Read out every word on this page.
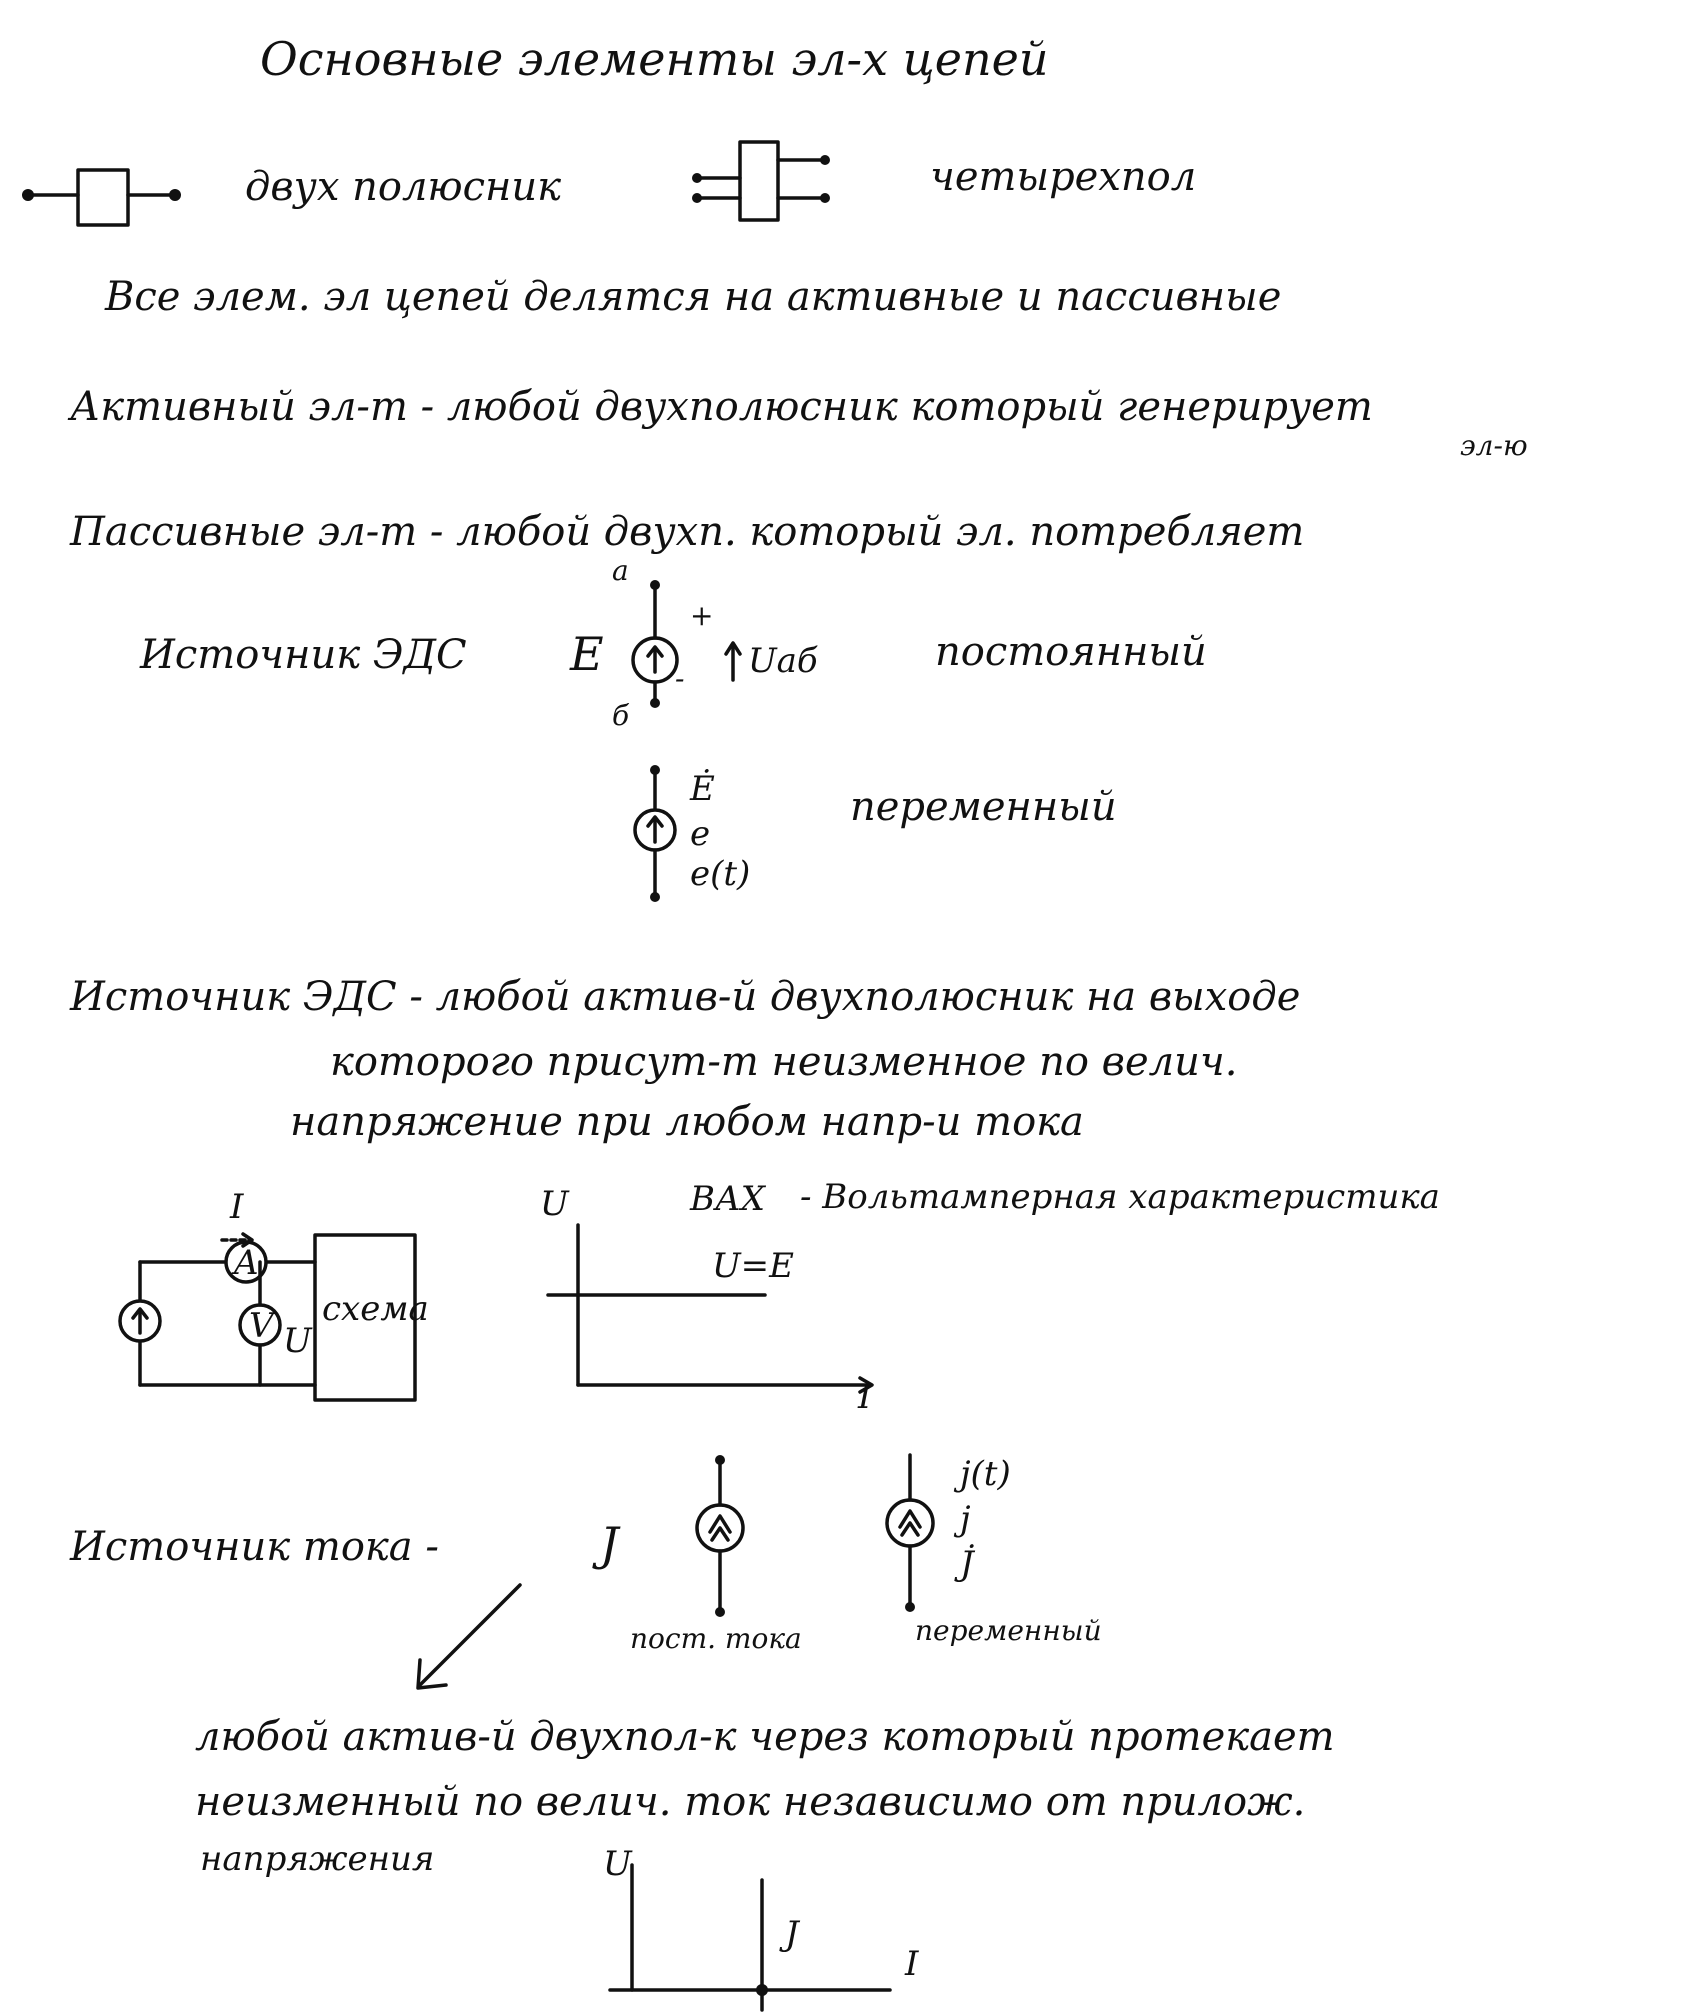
Основные элементы эл-х цепей
двух полюсник	четырехпол
Все элем. эл цепей делятся на активные и пассивные
Активный эл-т - любой двухполюсник который генерирует
эл-ю
Пассивные эл-т - любой двухп. который эл. потребляет
Источник ЭДС E
а
б
+
- Uаб	постоянный
Ė
e
e(t)
переменный
Источник ЭДС - любой актив-й двухполюсник на выходе
которого присут-т неизменное по велич.
напряжение при любом напр-и тока
A
V U
I
схема
U	ВАХ - Вольтамперная характеристика
U=E
I
Источник тока -	J
j(t)
j
J̇
пост. тока	переменный
любой актив-й двухпол-к через который протекает
неизменный по велич. ток независимо от прилож.
напряжения	U
J
I
